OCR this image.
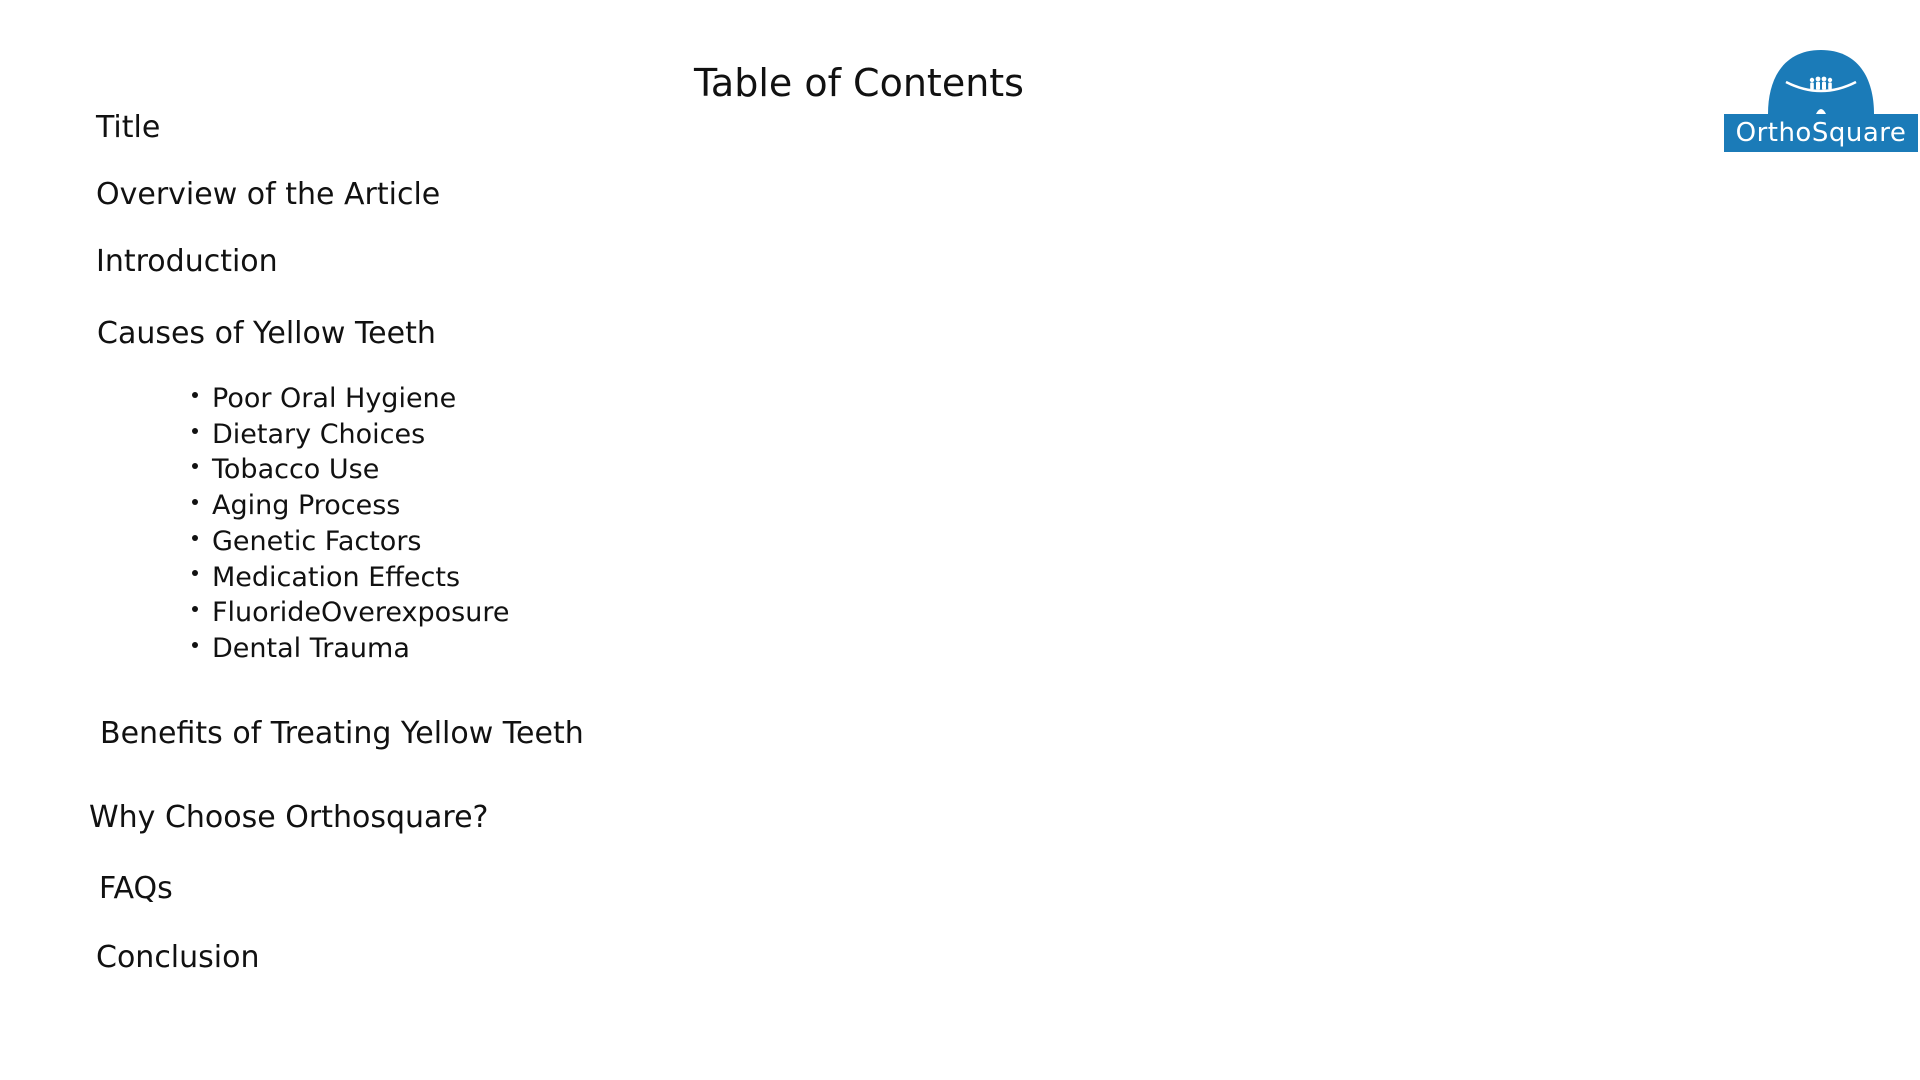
Table of Contents
Title
Overview of the Article
Introduction
Causes of Yellow Teeth
Poor Oral Hygiene
Dietary Choices
Tobacco Use
Aging Process
Genetic Factors
Medication Effects
FluorideOverexposure
Dental Trauma
Benefits of Treating Yellow Teeth
Why Choose Orthosquare?
FAQs
Conclusion
OrthoSquare
